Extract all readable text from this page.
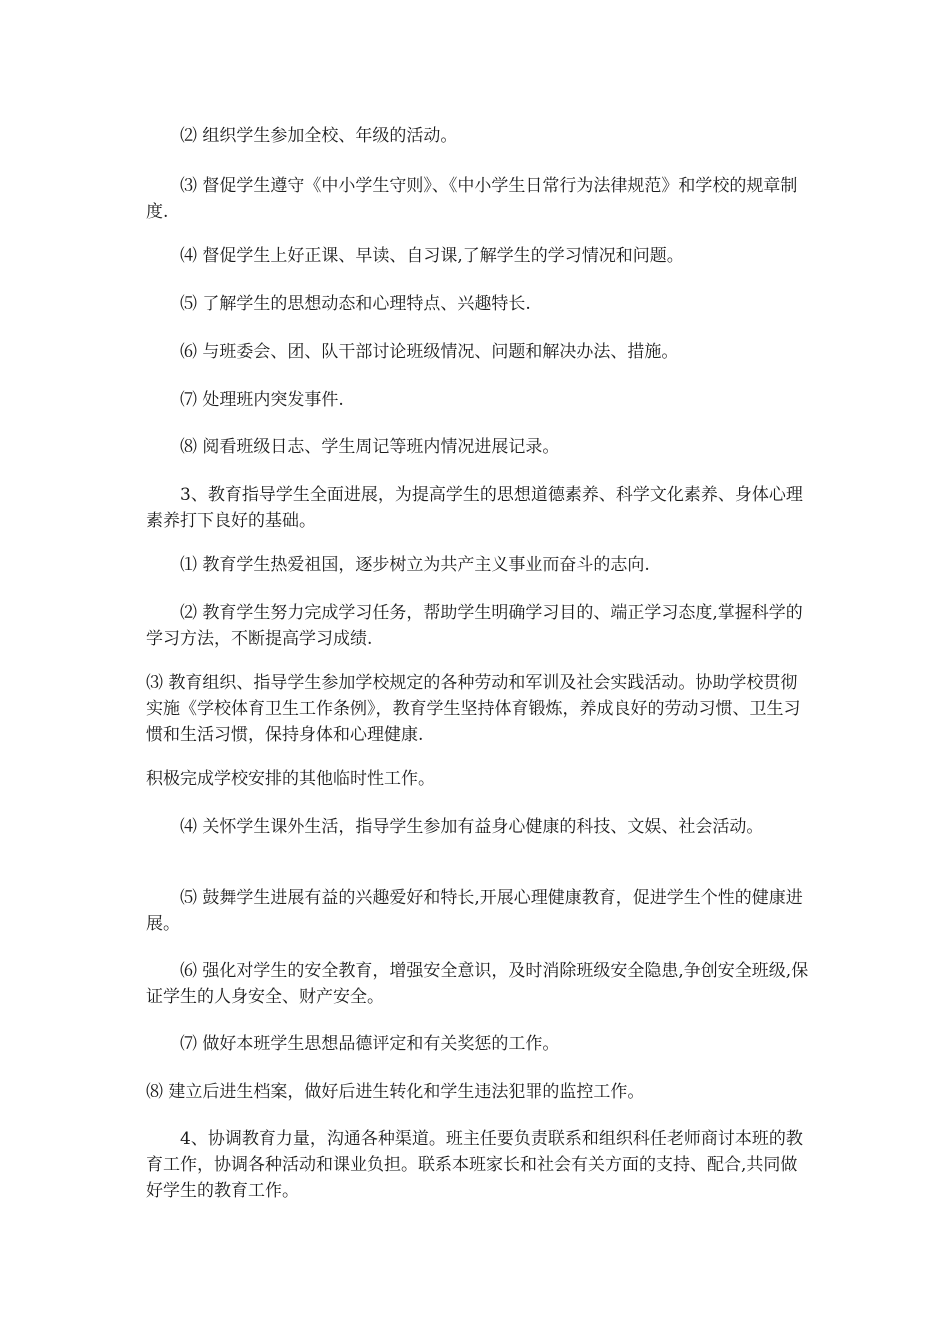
⑵ 组织学生参加全校、年级的活动。

⑶ 督促学生遵守《中小学生守则》、《中小学生日常行为法律规范》和学校的规章制度.

⑷ 督促学生上好正课、早读、自习课,了解学生的学习情况和问题。

⑸ 了解学生的思想动态和心理特点、兴趣特长.

⑹ 与班委会、团、队干部讨论班级情况、问题和解决办法、措施。

⑺ 处理班内突发事件.

⑻ 阅看班级日志、学生周记等班内情况进展记录。

3、教育指导学生全面进展，为提高学生的思想道德素养、科学文化素养、身体心理素养打下良好的基础。

⑴ 教育学生热爱祖国，逐步树立为共产主义事业而奋斗的志向.

⑵ 教育学生努力完成学习任务，帮助学生明确学习目的、端正学习态度,掌握科学的学习方法，不断提高学习成绩.

⑶ 教育组织、指导学生参加学校规定的各种劳动和军训及社会实践活动。协助学校贯彻实施《学校体育卫生工作条例》，教育学生坚持体育锻炼，养成良好的劳动习惯、卫生习惯和生活习惯，保持身体和心理健康.

积极完成学校安排的其他临时性工作。

⑷ 关怀学生课外生活，指导学生参加有益身心健康的科技、文娱、社会活动。

⑸ 鼓舞学生进展有益的兴趣爱好和特长,开展心理健康教育，促进学生个性的健康进展。

⑹ 强化对学生的安全教育，增强安全意识，及时消除班级安全隐患,争创安全班级,保证学生的人身安全、财产安全。

⑺ 做好本班学生思想品德评定和有关奖惩的工作。

⑻ 建立后进生档案，做好后进生转化和学生违法犯罪的监控工作。

4、协调教育力量，沟通各种渠道。班主任要负责联系和组织科任老师商讨本班的教育工作，协调各种活动和课业负担。联系本班家长和社会有关方面的支持、配合,共同做好学生的教育工作。
